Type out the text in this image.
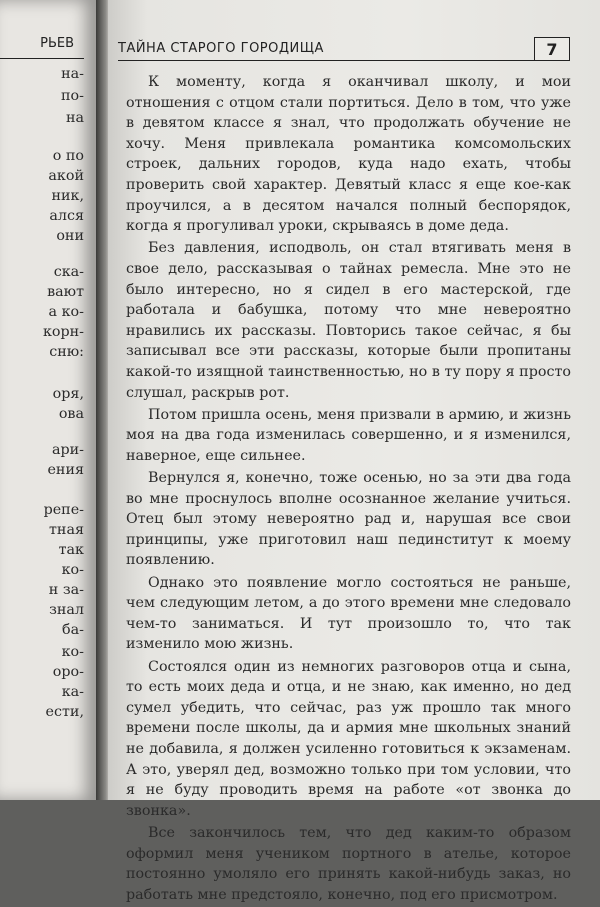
РЬЕВ
на-
по-
на
о по
акой
ник,
ался
они
ска-
вают
а ко-
корн-
сню:
оря,
ова
ари-
ения
репе-
тная
так
ко-
н за-
знал
ба-
ко-
оро-
ка-
ести,
ТАЙНА СТАРОГО ГОРОДИЩА	7

К моменту, когда я оканчивал школу, и мои отношения с отцом стали портиться. Дело в том, что уже в девятом классе я знал, что продолжать обучение не хочу. Меня привлекала романтика комсомольских строек, дальних городов, куда надо ехать, чтобы проверить свой характер. Девятый класс я еще кое-как проучился, а в десятом начался полный беспорядок, когда я прогуливал уроки, скрываясь в доме деда.

Без давления, исподволь, он стал втягивать меня в свое дело, рассказывая о тайнах ремесла. Мне это не было интересно, но я сидел в его мастерской, где работала и бабушка, потому что мне невероятно нравились их рассказы. Повторись такое сейчас, я бы записывал все эти рассказы, которые были пропитаны какой-то изящной таинственностью, но в ту пору я просто слушал, раскрыв рот.

Потом пришла осень, меня призвали в армию, и жизнь моя на два года изменилась совершенно, и я изменился, наверное, еще сильнее.

Вернулся я, конечно, тоже осенью, но за эти два года во мне проснулось вполне осознанное желание учиться. Отец был этому невероятно рад и, нарушая все свои принципы, уже приготовил наш пединститут к моему появлению.

Однако это появление могло состояться не раньше, чем следующим летом, а до этого времени мне следовало чем-то заниматься. И тут произошло то, что так изменило мою жизнь.

Состоялся один из немногих разговоров отца и сына, то есть моих деда и отца, и не знаю, как именно, но дед сумел убедить, что сейчас, раз уж прошло так много времени после школы, да и армия мне школьных знаний не добавила, я должен усиленно готовиться к экзаменам. А это, уверял дед, возможно только при том условии, что я не буду проводить время на работе «от звонка до звонка».

Все закончилось тем, что дед каким-то образом оформил меня учеником портного в ателье, которое постоянно умоляло его принять какой-нибудь заказ, но работать мне предстояло, конечно, под его присмотром.
